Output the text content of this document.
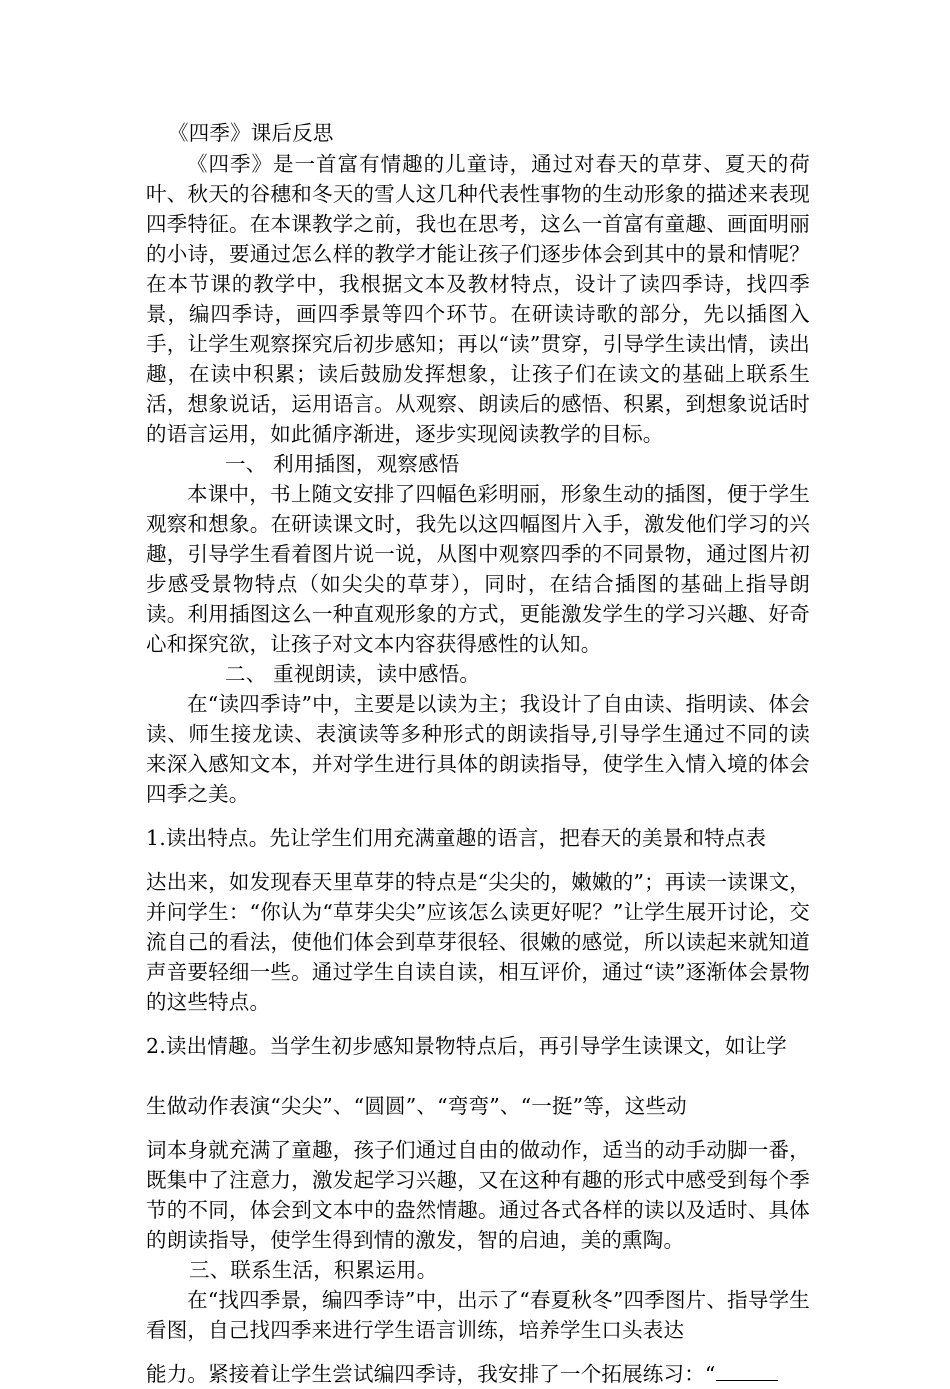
《四季》课后反思

《四季》是一首富有情趣的儿童诗，通过对春天的草芽、夏天的荷叶、秋天的谷穗和冬天的雪人这几种代表性事物的生动形象的描述来表现四季特征。在本课教学之前，我也在思考，这么一首富有童趣、画面明丽的小诗，要通过怎么样的教学才能让孩子们逐步体会到其中的景和情呢？在本节课的教学中，我根据文本及教材特点，设计了读四季诗，找四季景，编四季诗，画四季景等四个环节。在研读诗歌的部分，先以插图入手，让学生观察探究后初步感知；再以“读”贯穿，引导学生读出情，读出趣，在读中积累；读后鼓励发挥想象，让孩子们在读文的基础上联系生活，想象说话，运用语言。从观察、朗读后的感悟、积累，到想象说话时的语言运用，如此循序渐进，逐步实现阅读教学的目标。

一、 利用插图，观察感悟

本课中，书上随文安排了四幅色彩明丽，形象生动的插图，便于学生观察和想象。在研读课文时，我先以这四幅图片入手，激发他们学习的兴趣，引导学生看着图片说一说，从图中观察四季的不同景物，通过图片初步感受景物特点（如尖尖的草芽），同时，在结合插图的基础上指导朗读。利用插图这么一种直观形象的方式，更能激发学生的学习兴趣、好奇心和探究欲，让孩子对文本内容获得感性的认知。

二、 重视朗读，读中感悟。

在“读四季诗”中，主要是以读为主；我设计了自由读、指明读、体会读、师生接龙读、表演读等多种形式的朗读指导,引导学生通过不同的读来深入感知文本，并对学生进行具体的朗读指导，使学生入情入境的体会四季之美。

1.读出特点。先让学生们用充满童趣的语言，把春天的美景和特点表

达出来，如发现春天里草芽的特点是“尖尖的，嫩嫩的”；再读一读课文，并问学生：“你认为“草芽尖尖”应该怎么读更好呢？”让学生展开讨论，交流自己的看法，使他们体会到草芽很轻、很嫩的感觉，所以读起来就知道声音要轻细一些。通过学生自读自读，相互评价，通过“读”逐渐体会景物的这些特点。

2.读出情趣。当学生初步感知景物特点后，再引导学生读课文，如让学

生做动作表演“尖尖”、“圆圆”、“弯弯”、“一挺”等，这些动

词本身就充满了童趣，孩子们通过自由的做动作，适当的动手动脚一番，既集中了注意力，激发起学习兴趣，又在这种有趣的形式中感受到每个季节的不同，体会到文本中的盎然情趣。通过各式各样的读以及适时、具体的朗读指导，使学生得到情的激发，智的启迪，美的熏陶。

三、联系生活，积累运用。

在“找四季景，编四季诗”中，出示了“春夏秋冬”四季图片、指导学生看图，自己找四季来进行学生语言训练，培养学生口头表达

能力。紧接着让学生尝试编四季诗，我安排了一个拓展练习：“
